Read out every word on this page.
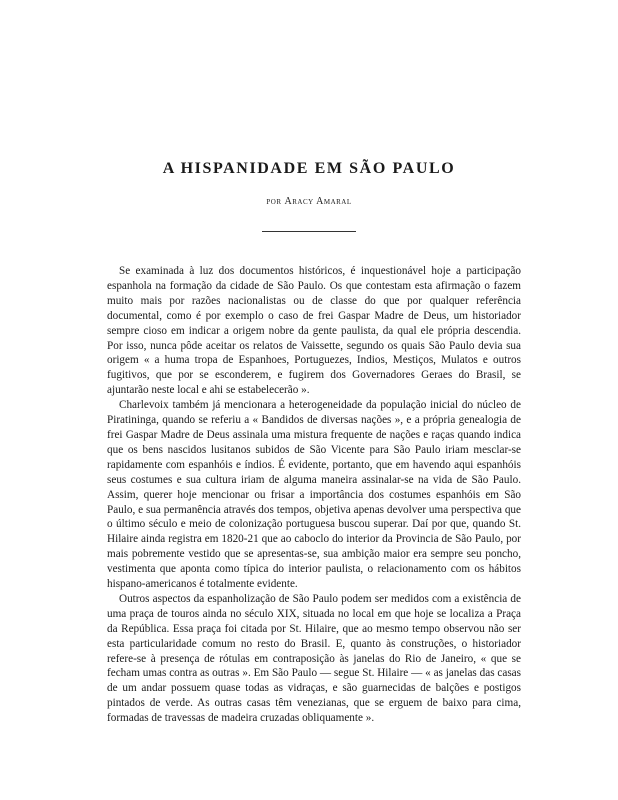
A HISPANIDADE EM SÃO PAULO
por Aracy Amaral

Se examinada à luz dos documentos históricos, é inquestionável hoje a participação espanhola na formação da cidade de São Paulo. Os que contestam esta afirmação o fazem muito mais por razões nacionalistas ou de classe do que por qualquer referência documental, como é por exemplo o caso de frei Gaspar Madre de Deus, um historiador sempre cioso em indicar a origem nobre da gente paulista, da qual ele própria descendia. Por isso, nunca pôde aceitar os relatos de Vaissette, segundo os quais São Paulo devia sua origem « a huma tropa de Espanhoes, Portuguezes, Indios, Mestiços, Mulatos e outros fugitivos, que por se esconderem, e fugirem dos Governadores Geraes do Brasil, se ajuntarão neste local e ahi se estabelecerão ».

Charlevoix também já mencionara a heterogeneidade da população inicial do núcleo de Piratininga, quando se referiu a « Bandidos de diversas nações », e a própria genealogia de frei Gaspar Madre de Deus assinala uma mistura frequente de nações e raças quando indica que os bens nascidos lusitanos subidos de São Vicente para São Paulo iriam mesclar-se rapidamente com espanhóis e índios. É evidente, portanto, que em havendo aqui espanhóis seus costumes e sua cultura iriam de alguma maneira assinalar-se na vida de São Paulo. Assim, querer hoje mencionar ou frisar a importância dos costumes espanhóis em São Paulo, e sua permanência através dos tempos, objetiva apenas devolver uma perspectiva que o último século e meio de colonização portuguesa buscou superar. Daí por que, quando St. Hilaire ainda registra em 1820-21 que ao caboclo do interior da Provincia de São Paulo, por mais pobremente vestido que se apresentas-se, sua ambição maior era sempre seu poncho, vestimenta que aponta como típica do interior paulista, o relacionamento com os hábitos hispano-americanos é totalmente evidente.

Outros aspectos da espanholização de São Paulo podem ser medidos com a existência de uma praça de touros ainda no século XIX, situada no local em que hoje se localiza a Praça da República. Essa praça foi citada por St. Hilaire, que ao mesmo tempo observou não ser esta particularidade comum no resto do Brasil. E, quanto às construções, o historiador refere-se à presença de rótulas em contraposição às janelas do Rio de Janeiro, « que se fecham umas contra as outras ». Em São Paulo — segue St. Hilaire — « as janelas das casas de um andar possuem quase todas as vidraças, e são guarnecidas de balções e postigos pintados de verde. As outras casas têm venezianas, que se erguem de baixo para cima, formadas de travessas de madeira cruzadas obliquamente ».
